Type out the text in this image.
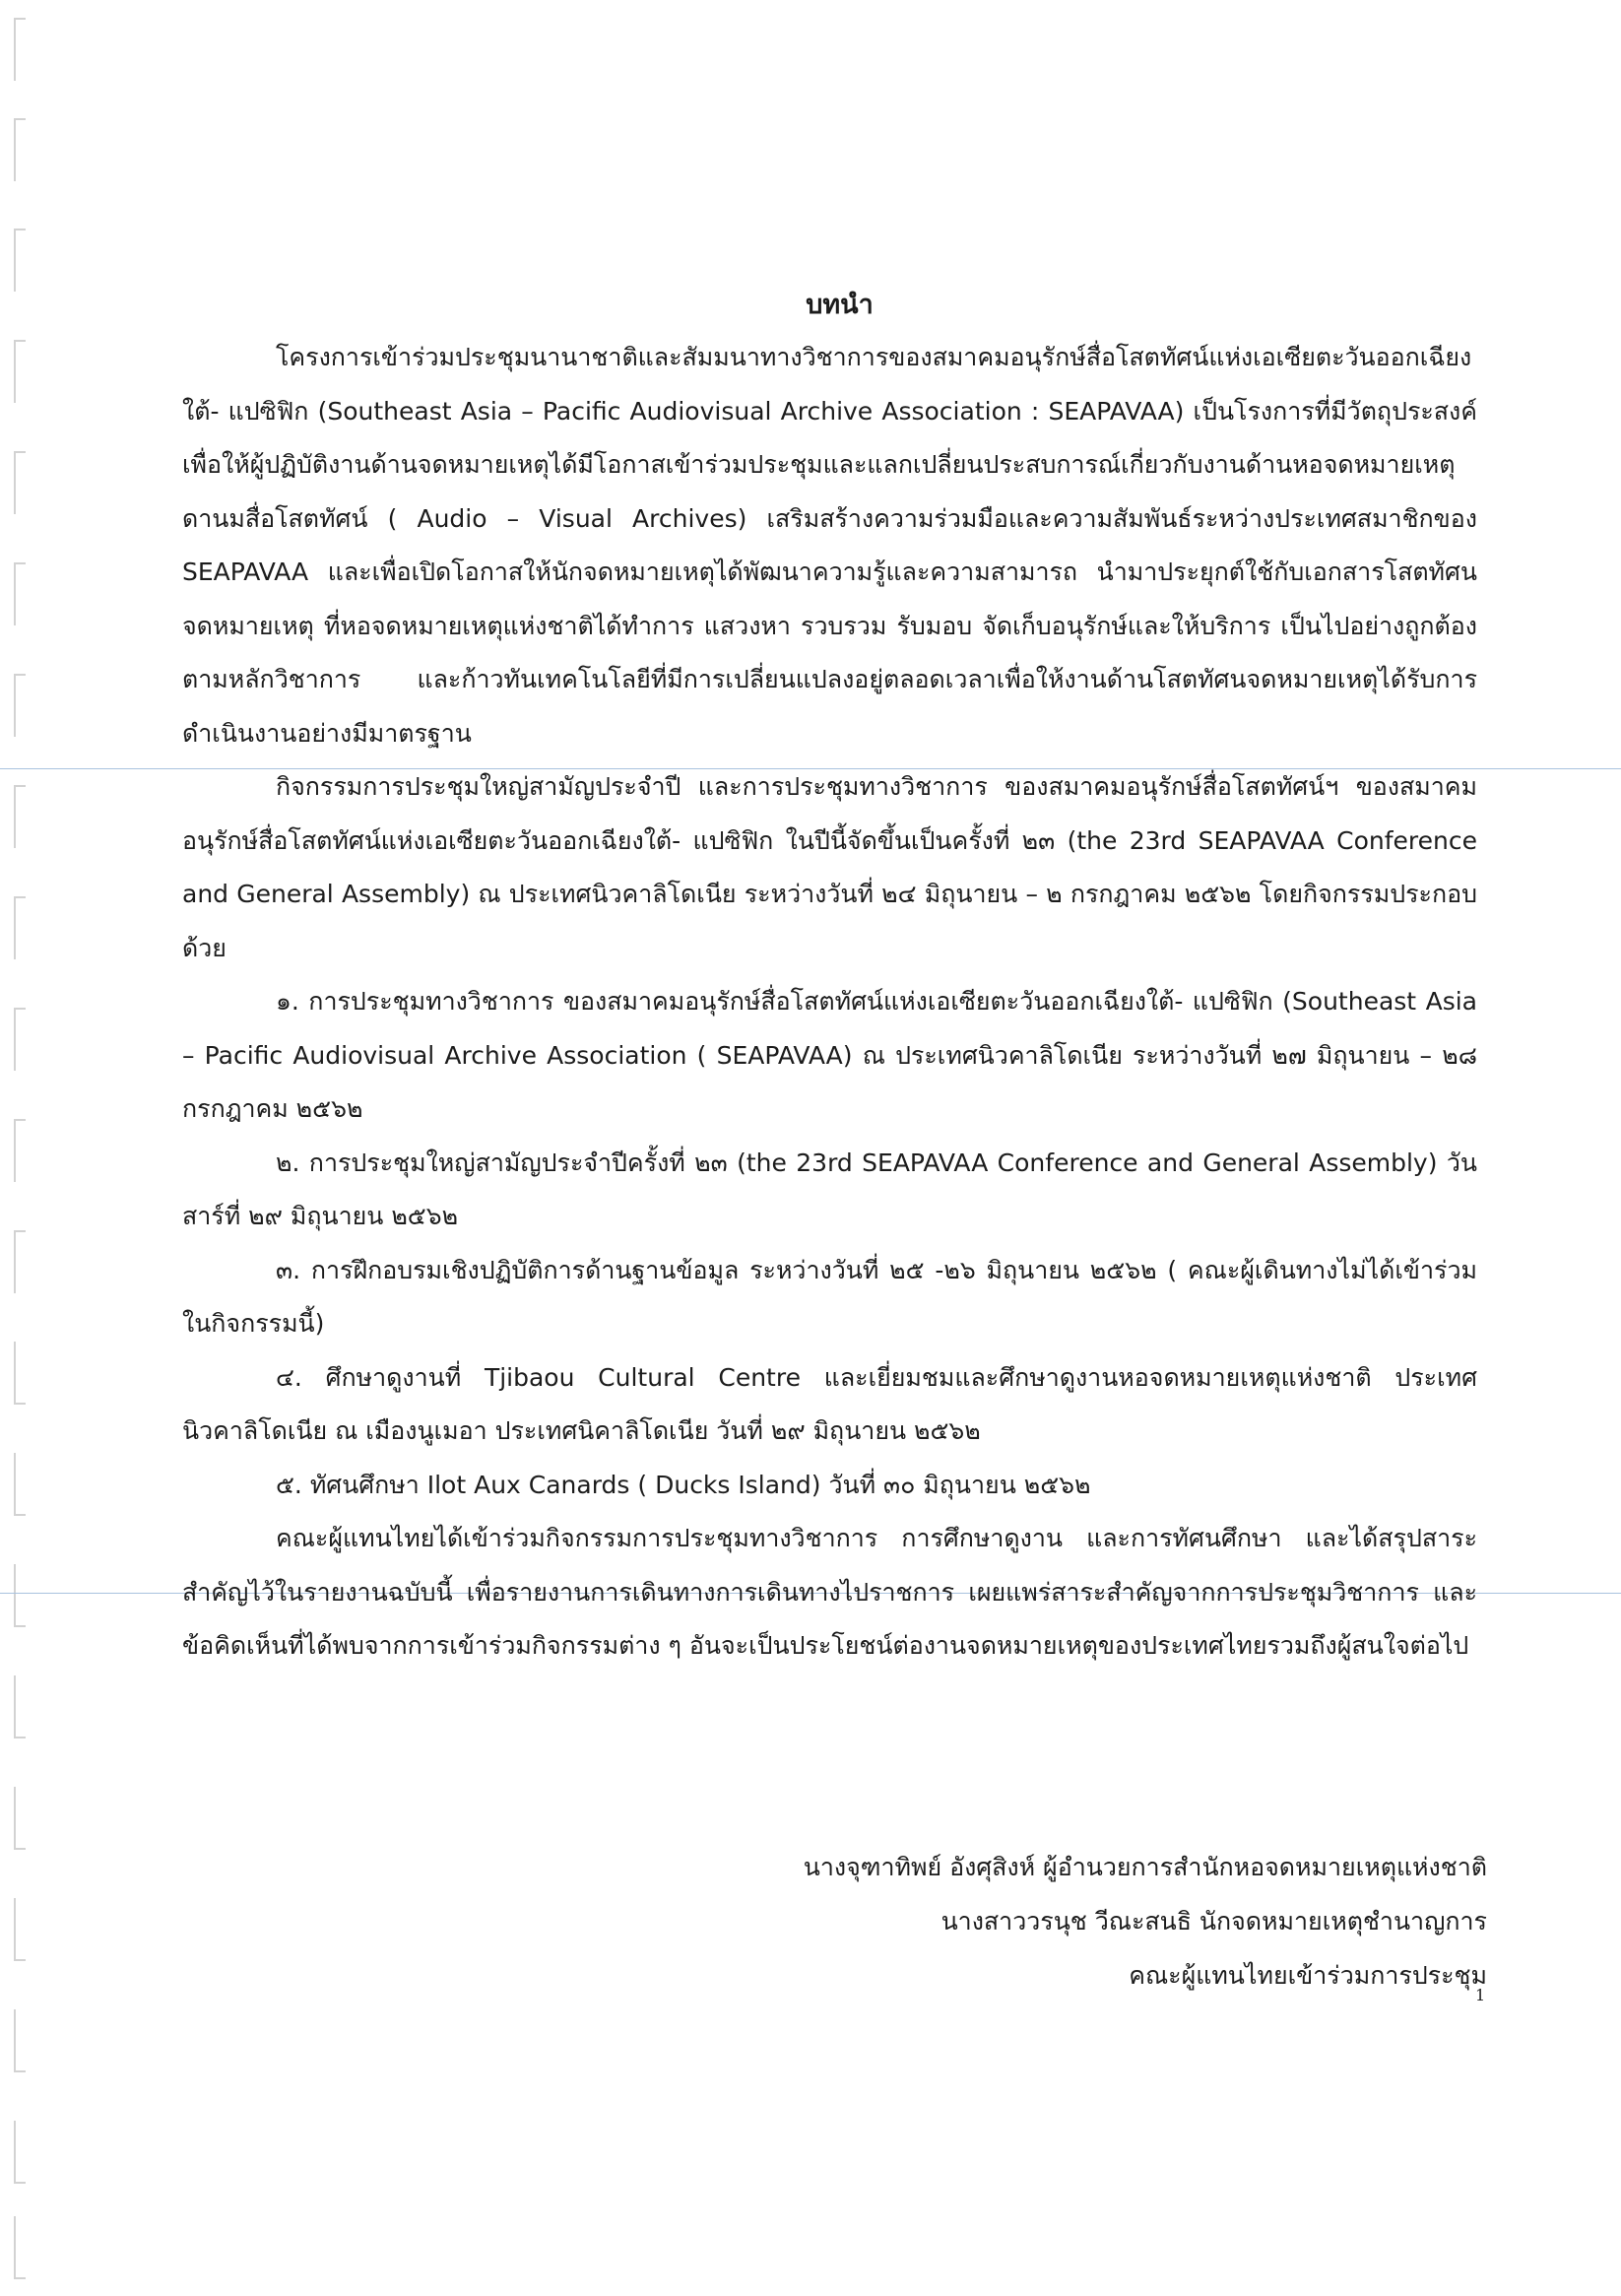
บทนำ

โครงการเข้าร่วมประชุมนานาชาติและสัมมนาทางวิชาการของสมาคมอนุรักษ์สื่อโสตทัศน์แห่งเอเซียตะวันออกเฉียงใต้- แปซิฟิก (Southeast Asia – Pacific Audiovisual Archive Association : SEAPAVAA) เป็นโรงการที่มีวัตถุประสงค์เพื่อให้ผู้ปฏิบัติงานด้านจดหมายเหตุได้มีโอกาสเข้าร่วมประชุมและแลกเปลี่ยนประสบการณ์เกี่ยวกับงานด้านหอจดหมายเหตุดานมสื่อโสตทัศน์ ( Audio – Visual Archives) เสริมสร้างความร่วมมือและความสัมพันธ์ระหว่างประเทศสมาชิกของ SEAPAVAA และเพื่อเปิดโอกาสให้นักจดหมายเหตุได้พัฒนาความรู้และความสามารถ นำมาประยุกต์ใช้กับเอกสารโสตทัศนจดหมายเหตุ ที่หอจดหมายเหตุแห่งชาติได้ทำการ แสวงหา รวบรวม รับมอบ จัดเก็บอนุรักษ์และให้บริการ เป็นไปอย่างถูกต้องตามหลักวิชาการ และก้าวทันเทคโนโลยีที่มีการเปลี่ยนแปลงอยู่ตลอดเวลาเพื่อให้งานด้านโสตทัศนจดหมายเหตุได้รับการดำเนินงานอย่างมีมาตรฐาน

กิจกรรมการประชุมใหญ่สามัญประจำปี และการประชุมทางวิชาการ ของสมาคมอนุรักษ์สื่อโสตทัศน์ฯ ของสมาคมอนุรักษ์สื่อโสตทัศน์แห่งเอเซียตะวันออกเฉียงใต้- แปซิฟิก ในปีนี้จัดขึ้นเป็นครั้งที่ ๒๓ (the 23rd SEAPAVAA Conference and General Assembly) ณ ประเทศนิวคาลิโดเนีย ระหว่างวันที่ ๒๔ มิถุนายน – ๒ กรกฎาคม ๒๕๖๒ โดยกิจกรรมประกอบด้วย

๑. การประชุมทางวิชาการ ของสมาคมอนุรักษ์สื่อโสตทัศน์แห่งเอเซียตะวันออกเฉียงใต้- แปซิฟิก (Southeast Asia – Pacific Audiovisual Archive Association ( SEAPAVAA) ณ ประเทศนิวคาลิโดเนีย ระหว่างวันที่ ๒๗ มิถุนายน – ๒๘ กรกฎาคม ๒๕๖๒

๒. การประชุมใหญ่สามัญประจำปีครั้งที่ ๒๓ (the 23rd SEAPAVAA Conference and General Assembly) วันสาร์ที่ ๒๙ มิถุนายน ๒๕๖๒

๓. การฝึกอบรมเชิงปฏิบัติการด้านฐานข้อมูล ระหว่างวันที่ ๒๕ -๒๖ มิถุนายน ๒๕๖๒ ( คณะผู้เดินทางไม่ได้เข้าร่วมในกิจกรรมนี้)

๔. ศึกษาดูงานที่ Tjibaou Cultural Centre และเยี่ยมชมและศึกษาดูงานหอจดหมายเหตุแห่งชาติ ประเทศนิวคาลิโดเนีย ณ เมืองนูเมอา ประเทศนิคาลิโดเนีย วันที่ ๒๙ มิถุนายน ๒๕๖๒

๕. ทัศนศึกษา Ilot Aux Canards ( Ducks Island) วันที่ ๓๐ มิถุนายน ๒๕๖๒

คณะผู้แทนไทยได้เข้าร่วมกิจกรรมการประชุมทางวิชาการ การศึกษาดูงาน และการทัศนศึกษา และได้สรุปสาระสำคัญไว้ในรายงานฉบับนี้ เพื่อรายงานการเดินทางการเดินทางไปราชการ เผยแพร่สาระสำคัญจากการประชุมวิชาการ และข้อคิดเห็นที่ได้พบจากการเข้าร่วมกิจกรรมต่าง ๆ อันจะเป็นประโยชน์ต่องานจดหมายเหตุของประเทศไทยรวมถึงผู้สนใจต่อไป

นางจุฑาทิพย์ อังศุสิงห์ ผู้อำนวยการสำนักหอจดหมายเหตุแห่งชาติ
นางสาววรนุช วีณะสนธิ นักจดหมายเหตุชำนาญการ
คณะผู้แทนไทยเข้าร่วมการประชุม
1
